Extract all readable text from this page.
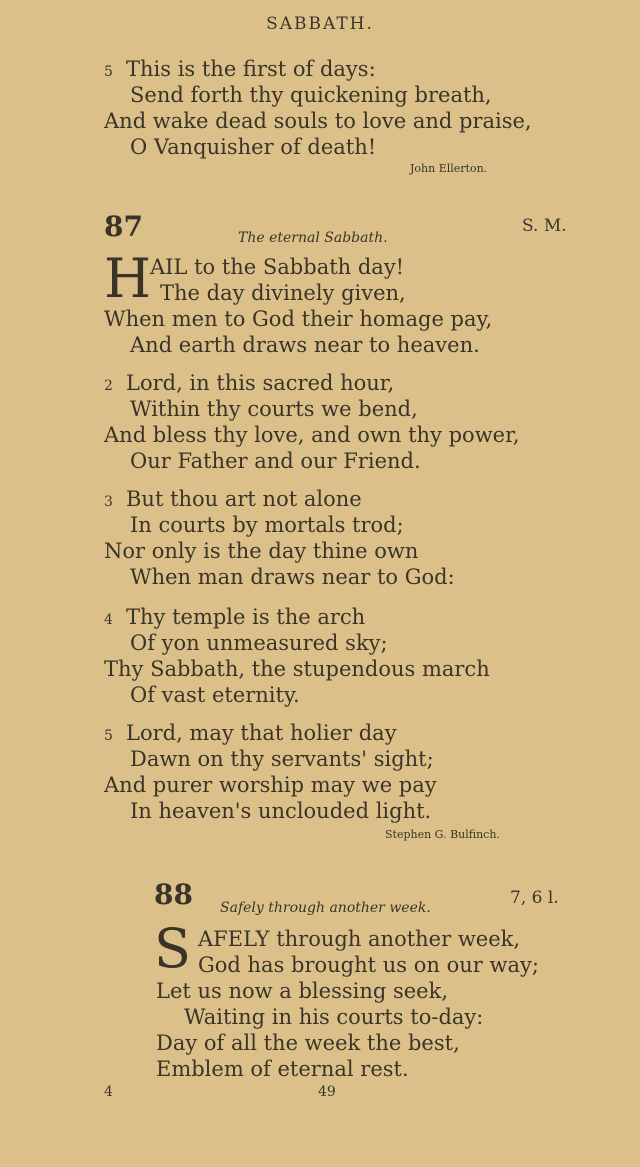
SABBATH.
5 This is the first of days:
Send forth thy quickening breath,
And wake dead souls to love and praise,
O Vanquisher of death!
John Ellerton.
87	The eternal Sabbath.
S. M.
H
AIL to the Sabbath day!
The day divinely given,
When men to God their homage pay,
And earth draws near to heaven.
2 Lord, in this sacred hour,
Within thy courts we bend,
And bless thy love, and own thy power,
Our Father and our Friend.
3 But thou art not alone
In courts by mortals trod;
Nor only is the day thine own
When man draws near to God:
4 Thy temple is the arch
Of yon unmeasured sky;
Thy Sabbath, the stupendous march
Of vast eternity.
5 Lord, may that holier day
Dawn on thy servants' sight;
And purer worship may we pay
In heaven's unclouded light.
Stephen G. Bulfinch.
88 Safely through another week.	7, 6 l.
S AFELY through another week,
God has brought us on our way;
Let us now a blessing seek,
Waiting in his courts to-day:
Day of all the week the best,
Emblem of eternal rest.
4	49
